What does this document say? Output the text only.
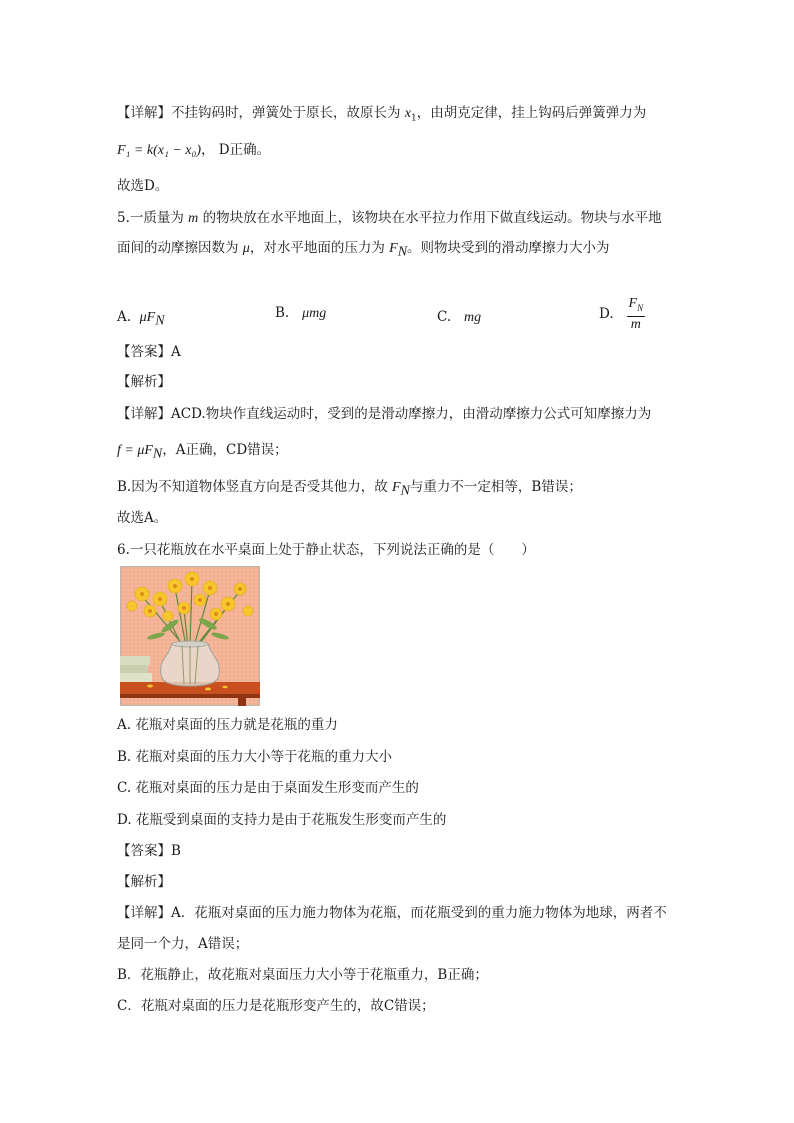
【详解】不挂钩码时，弹簧处于原长，故原长为 $x_1$，由胡克定律，挂上钩码后弹簧弹力为
F₁ = k(x₁ − x₀)， D正确。
故选D。
5.一质量为 m 的物块放在水平地面上，该物块在水平拉力作用下做直线运动。物块与水平地
面间的动摩擦因数为 μ，对水平地面的压力为 $F_N$。则物块受到的滑动摩擦力大小为
A. $\mu F_N$
B. μmg	C. mg	D. $\frac{F_N}{m}$
【答案】A
【解析】
【详解】ACD.物块作直线运动时，受到的是滑动摩擦力，由滑动摩擦力公式可知摩擦力为
$f = \mu F_N$，A正确，CD错误；
B.因为不知道物体竖直方向是否受其他力，故 $F_N$与重力不一定相等，B错误；
故选A。
6.一只花瓶放在水平桌面上处于静止状态，下列说法正确的是（　　）
A. 花瓶对桌面的压力就是花瓶的重力
B. 花瓶对桌面的压力大小等于花瓶的重力大小
C. 花瓶对桌面的压力是由于桌面发生形变而产生的
D. 花瓶受到桌面的支持力是由于花瓶发生形变而产生的
【答案】B
【解析】
【详解】A．花瓶对桌面的压力施力物体为花瓶，而花瓶受到的重力施力物体为地球，两者不
是同一个力，A错误；
B．花瓶静止，故花瓶对桌面压力大小等于花瓶重力，B正确；
C．花瓶对桌面的压力是花瓶形变产生的，故C错误；
